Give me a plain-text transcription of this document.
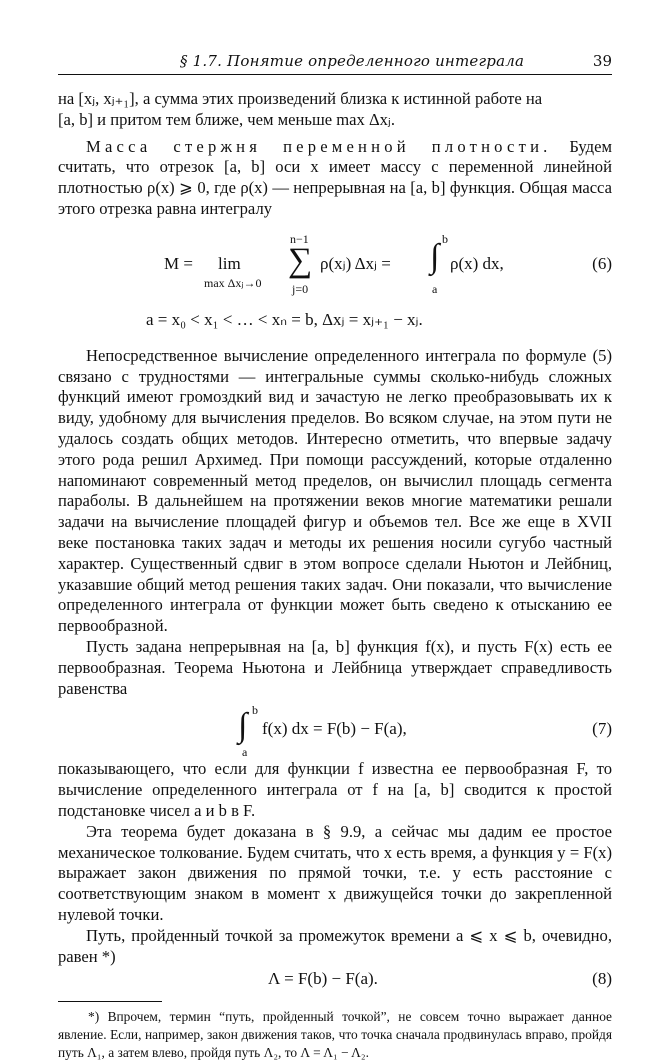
§ 1.7. Понятие определенного интеграла	39

на [xⱼ, xⱼ₊₁], а сумма этих произведений близка к истинной работе на

[a, b] и притом тем ближе, чем меньше max Δxⱼ.

Масса стержня переменной плотности. Будем считать, что отрезок [a, b] оси x имеет массу с переменной линейной плотностью ρ(x) ⩾ 0, где ρ(x) — непрерывная на [a, b] функция. Общая масса этого отрезка равна интегралу

M = lim
max Δxⱼ→0
n−1
∑
j=0
ρ(xⱼ) Δxⱼ =
b
∫
a
ρ(x) dx,	(6)
a = x₀ < x₁ < … < xₙ = b, Δxⱼ = xⱼ₊₁ − xⱼ.

Непосредственное вычисление определенного интеграла по формуле (5) связано с трудностями — интегральные суммы сколько-нибудь сложных функций имеют громоздкий вид и зачастую не легко преобразовывать их к виду, удобному для вычисления пределов. Во всяком случае, на этом пути не удалось создать общих методов. Интересно отметить, что впервые задачу этого рода решил Архимед. При помощи рассуждений, которые отдаленно напоминают современный метод пределов, он вычислил площадь сегмента параболы. В дальнейшем на протяжении веков многие математики решали задачи на вычисление площадей фигур и объемов тел. Все же еще в XVII веке постановка таких задач и методы их решения носили сугубо частный характер. Существенный сдвиг в этом вопросе сделали Ньютон и Лейбниц, указавшие общий метод решения таких задач. Они показали, что вычисление определенного интеграла от функции может быть сведено к отысканию ее первообразной.

Пусть задана непрерывная на [a, b] функция f(x), и пусть F(x) есть ее первообразная. Теорема Ньютона и Лейбница утверждает справедливость равенства

b
∫
a
f(x) dx = F(b) − F(a),	(7)

показывающего, что если для функции f известна ее первообразная F, то вычисление определенного интеграла от f на [a, b] сводится к простой подстановке чисел a и b в F.

Эта теорема будет доказана в § 9.9, а сейчас мы дадим ее простое механическое толкование. Будем считать, что x есть время, а функция y = F(x) выражает закон движения по прямой точки, т.е. y есть расстояние с соответствующим знаком в момент x движущейся точки до закрепленной нулевой точки.

Путь, пройденный точкой за промежуток времени a ⩽ x ⩽ b, очевидно, равен *)

Λ = F(b) − F(a).	(8)

*) Впрочем, термин “путь, пройденный точкой”, не совсем точно выражает данное явление. Если, например, закон движения таков, что точка сначала продвинулась вправо, пройдя путь Λ₁, а затем влево, пройдя путь Λ₂, то Λ = Λ₁ − Λ₂.
